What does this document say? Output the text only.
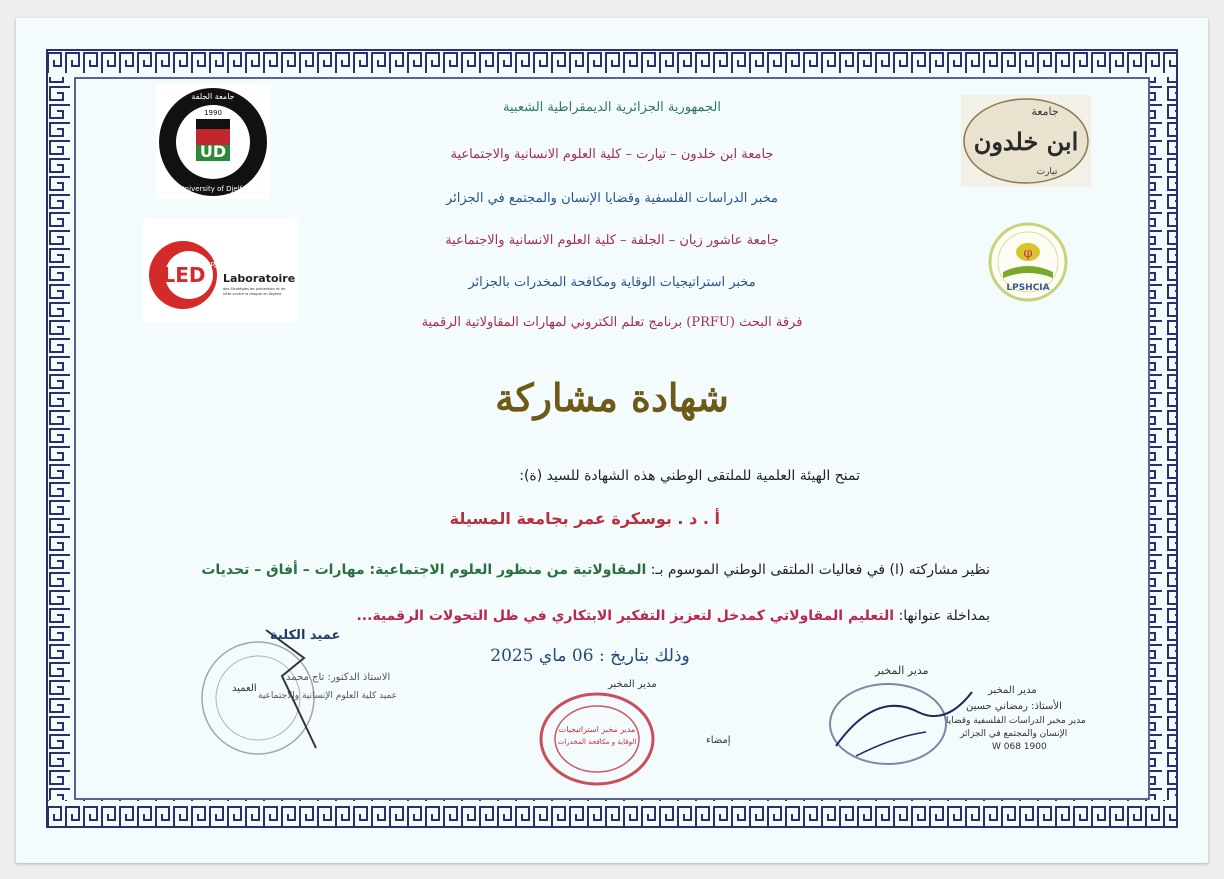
1990
UD
جامعة الجلفة
University of Djelfa
LED SPA
Laboratoire
des Stratégies de prévention et de
lutte contre la drogue en Algérie
جامعة
ابن خلدون
تيارت
φ
LPSHCIA
الجمهورية الجزائرية الديمقراطية الشعبية
جامعة ابن خلدون – تيارت – كلية العلوم الانسانية والاجتماعية
مخبر الدراسات الفلسفية وقضايا الإنسان والمجتمع في الجزائر
جامعة عاشور زيان – الجلفة – كلية العلوم الانسانية والاجتماعية
مخبر استراتيجيات الوقاية ومكافحة المخدرات بالجزائر
فرقة البحث (PRFU) برنامج تعلم الكتروني لمهارات المقاولاتية الرقمية
شهادة مشاركة
تمنح الهيئة العلمية للملتقى الوطني هذه الشهادة للسيد (ة):
أ . د . بوسكرة عمر بجامعة المسيلة
نظير مشاركته (ا) في فعاليات الملتقى الوطني الموسوم بـ: المقاولاتية من منظور العلوم الاجتماعية: مهارات – أفاق – تحديات
بمداخلة عنوانها: التعليم المقاولاتي كمدخل لتعزيز التفكير الابتكاري في ظل التحولات الرقمية...
وذلك بتاريخ : 06 ماي 2025
عميد الكلية
العميد
الاستاذ الدكتور: تاج محمد
عميد كلية العلوم الإنسانية والاجتماعية
مدير المخبر
مدير مخبر استراتيجيات
الوقاية و مكافحة المخدرات	إمضاء
مدير المخبر
مدير المخبر
الأستاذ: رمضاني حسين
مدير مخبر الدراسات الفلسفية وقضايا
الإنسان والمجتمع في الجزائر
W 068 1900
